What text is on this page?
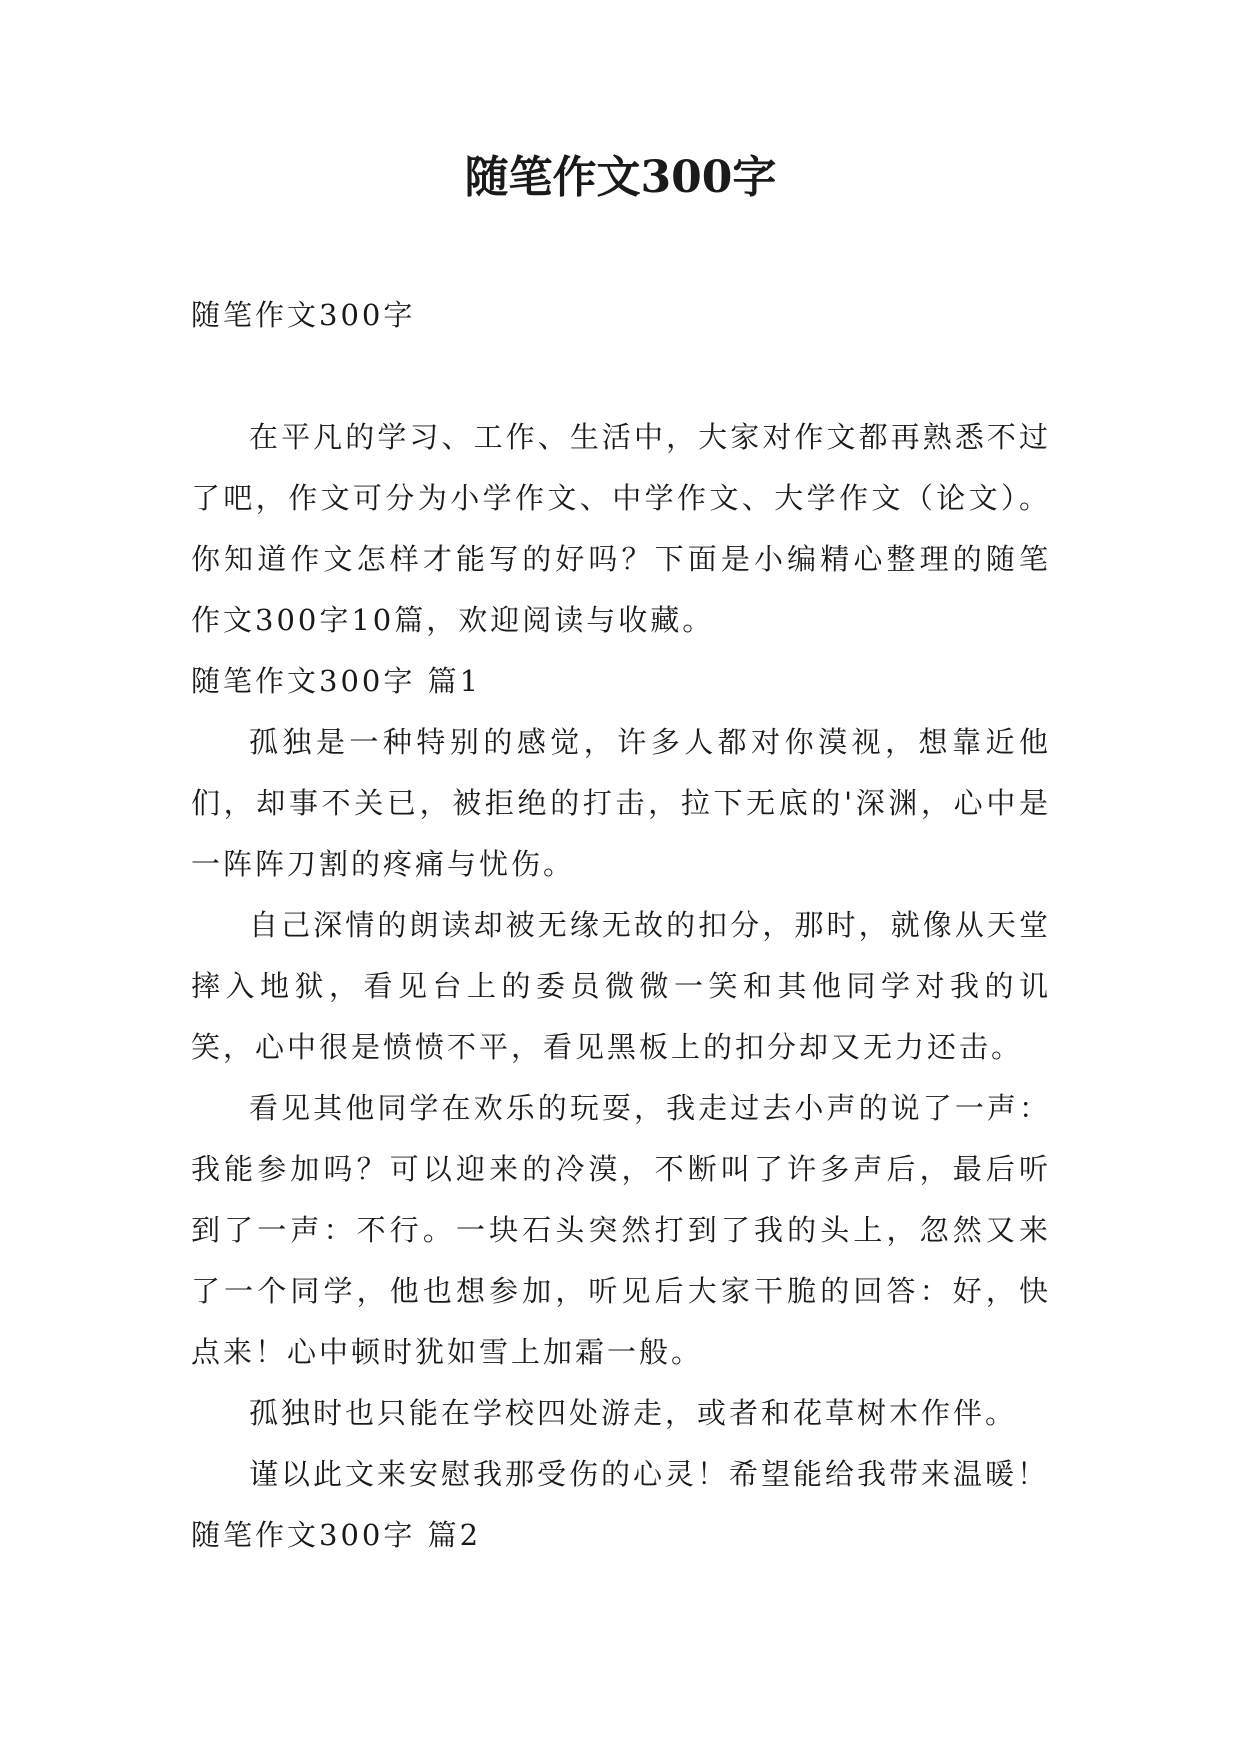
随笔作文300字

随笔作文300字

在平凡的学习、工作、生活中，大家对作文都再熟悉不过了吧，作文可分为小学作文、中学作文、大学作文（论文）。你知道作文怎样才能写的好吗？下面是小编精心整理的随笔作文300字10篇，欢迎阅读与收藏。

随笔作文300字 篇1

孤独是一种特别的感觉，许多人都对你漠视，想靠近他们，却事不关已，被拒绝的打击，拉下无底的'深渊，心中是一阵阵刀割的疼痛与忧伤。

自己深情的朗读却被无缘无故的扣分，那时，就像从天堂摔入地狱，看见台上的委员微微一笑和其他同学对我的讥笑，心中很是愤愤不平，看见黑板上的扣分却又无力还击。

看见其他同学在欢乐的玩耍，我走过去小声的说了一声：我能参加吗？可以迎来的冷漠，不断叫了许多声后，最后听到了一声：不行。一块石头突然打到了我的头上，忽然又来了一个同学，他也想参加，听见后大家干脆的回答：好，快点来！心中顿时犹如雪上加霜一般。

孤独时也只能在学校四处游走，或者和花草树木作伴。

谨以此文来安慰我那受伤的心灵！希望能给我带来温暖！

随笔作文300字 篇2
